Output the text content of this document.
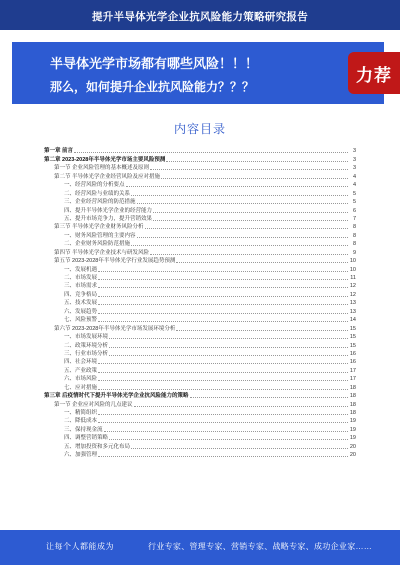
提升半导体光学企业抗风险能力策略研究报告
半导体光学市场都有哪些风险！！！
那么，如何提升企业抗风险能力？？？
力荐
内容目录
第一章 前言	3
第二章 2023-2028年半导体光学市场主要风险预测	3
第一节 企业风险管理的基本概述及原则	3
第二节 半导体光学企业经营风险及应对措施	4
一、经营风险的分析要点	4
二、经营风险与业绩的关系	5
三、企业经营风险的防范措施	5
四、提升半导体光学企业的经营能力	6
五、提升市场竞争力，提升营销效果	7
第三节 半导体光学企业财务风险分析	8
一、财务风险管理的主要内容	8
二、企业财务风险防范措施	8
第四节 半导体光学企业技术与研发风险	9
第五节 2023-2028年半导体光学行业发展趋势预测	10
一、发展机遇	10
二、市场发展	11
三、市场需求	12
四、竞争格局	12
五、技术发展	13
六、发展趋势	13
七、风险预警	14
第六节 2023-2028年半导体光学市场发展环境分析	15
一、市场发展环境	15
二、政策环境分析	15
三、行业市场分析	16
四、社会环境	16
五、产业政策	17
六、市场风险	17
七、应对措施	18
第三章 后疫情时代下提升半导体光学企业抗风险能力的策略	18
第一节 企业应对风险的几点建议	18
一、精简组织	18
二、降低成本	19
三、保持现金流	19
四、调整营销策略	19
五、增加投资和多元化布局	20
六、加强管理	20
让每个人都能成为	行业专家、管理专家、营销专家、战略专家、成功企业家……
